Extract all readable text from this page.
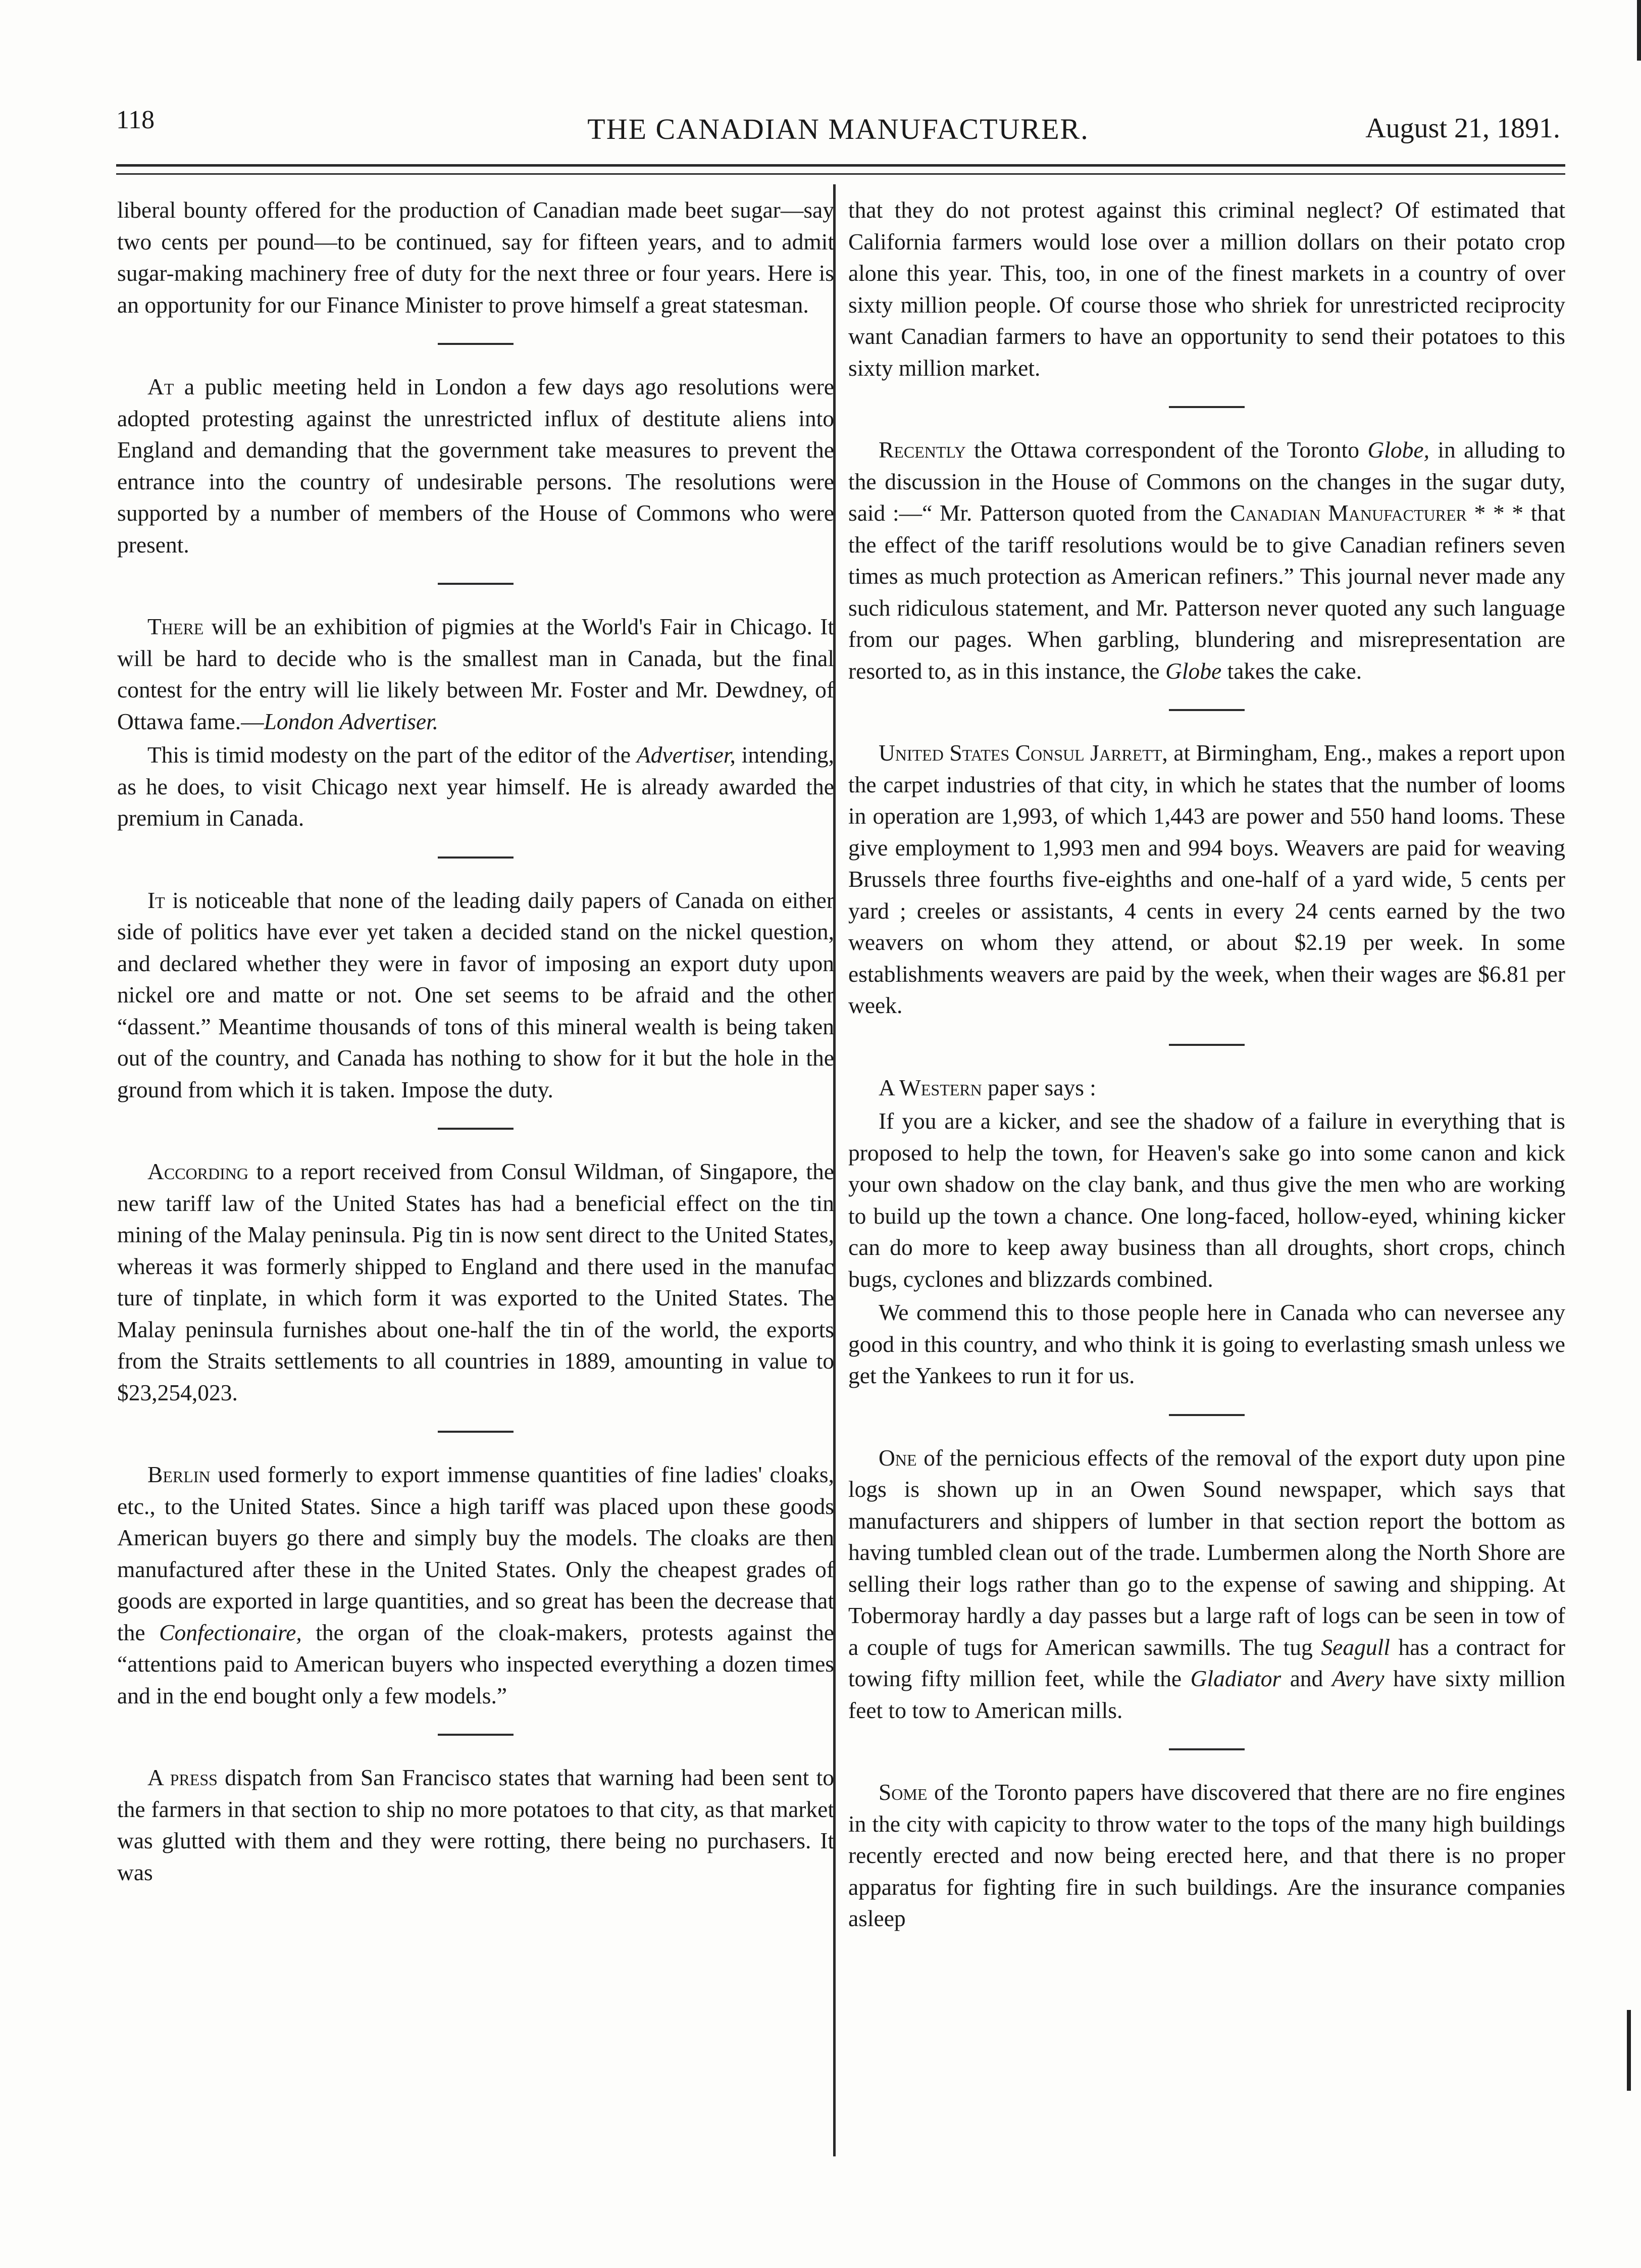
118	THE CANADIAN MANUFACTURER.	August 21, 1891.

liberal bounty offered for the production of Canadian made beet sugar—say two cents per pound—to be continued, say for fifteen years, and to admit sugar-making machinery free of duty for the next three or four years. Here is an opportunity for our Finance Minister to prove himself a great statesman.

At a public meeting held in London a few days ago resolutions were adopted protesting against the unrestricted influx of destitute aliens into England and demanding that the government take measures to prevent the entrance into the country of undesirable persons. The resolutions were supported by a number of members of the House of Commons who were present.

There will be an exhibition of pigmies at the World's Fair in Chicago. It will be hard to decide who is the smallest man in Canada, but the final contest for the entry will lie likely between Mr. Foster and Mr. Dewdney, of Ottawa fame.—London Advertiser.

This is timid modesty on the part of the editor of the Advertiser, intending, as he does, to visit Chicago next year himself. He is already awarded the premium in Canada.

It is noticeable that none of the leading daily papers of Canada on either side of politics have ever yet taken a decided stand on the nickel question, and declared whether they were in favor of imposing an export duty upon nickel ore and matte or not. One set seems to be afraid and the other “dassent.” Meantime thousands of tons of this mineral wealth is being taken out of the country, and Canada has nothing to show for it but the hole in the ground from which it is taken. Impose the duty.

According to a report received from Consul Wildman, of Singapore, the new tariff law of the United States has had a beneficial effect on the tin mining of the Malay peninsula. Pig tin is now sent direct to the United States, whereas it was formerly shipped to England and there used in the manufac ture of tinplate, in which form it was exported to the United States. The Malay peninsula furnishes about one-half the tin of the world, the exports from the Straits settlements to all countries in 1889, amounting in value to $23,254,023.

Berlin used formerly to export immense quantities of fine ladies' cloaks, etc., to the United States. Since a high tariff was placed upon these goods American buyers go there and simply buy the models. The cloaks are then manufactured after these in the United States. Only the cheapest grades of goods are exported in large quantities, and so great has been the decrease that the Confectionaire, the organ of the cloak-makers, protests against the “attentions paid to American buyers who inspected everything a dozen times and in the end bought only a few models.”

A press dispatch from San Francisco states that warning had been sent to the farmers in that section to ship no more potatoes to that city, as that market was glutted with them and they were rotting, there being no purchasers. It was

that they do not protest against this criminal neglect? Of estimated that California farmers would lose over a million dollars on their potato crop alone this year. This, too, in one of the finest markets in a country of over sixty million people. Of course those who shriek for unrestricted reciprocity want Canadian farmers to have an opportunity to send their potatoes to this sixty million market.

Recently the Ottawa correspondent of the Toronto Globe, in alluding to the discussion in the House of Commons on the changes in the sugar duty, said :—“ Mr. Patterson quoted from the Canadian Manufacturer * * * that the effect of the tariff resolutions would be to give Canadian refiners seven times as much protection as American refiners.” This journal never made any such ridiculous statement, and Mr. Patterson never quoted any such language from our pages. When garbling, blundering and misrepresentation are resorted to, as in this instance, the Globe takes the cake.

United States Consul Jarrett, at Birmingham, Eng., makes a report upon the carpet industries of that city, in which he states that the number of looms in operation are 1,993, of which 1,443 are power and 550 hand looms. These give employment to 1,993 men and 994 boys. Weavers are paid for weaving Brussels three fourths five-eighths and one-half of a yard wide, 5 cents per yard ; creeles or assistants, 4 cents in every 24 cents earned by the two weavers on whom they attend, or about $2.19 per week. In some establishments weavers are paid by the week, when their wages are $6.81 per week.

A Western paper says :

If you are a kicker, and see the shadow of a failure in everything that is proposed to help the town, for Heaven's sake go into some canon and kick your own shadow on the clay bank, and thus give the men who are working to build up the town a chance. One long-faced, hollow-eyed, whining kicker can do more to keep away business than all droughts, short crops, chinch bugs, cyclones and blizzards combined.

We commend this to those people here in Canada who can neversee any good in this country, and who think it is going to everlasting smash unless we get the Yankees to run it for us.

One of the pernicious effects of the removal of the export duty upon pine logs is shown up in an Owen Sound newspaper, which says that manufacturers and shippers of lumber in that section report the bottom as having tumbled clean out of the trade. Lumbermen along the North Shore are selling their logs rather than go to the expense of sawing and shipping. At Tobermoray hardly a day passes but a large raft of logs can be seen in tow of a couple of tugs for American sawmills. The tug Seagull has a contract for towing fifty million feet, while the Gladiator and Avery have sixty million feet to tow to American mills.

Some of the Toronto papers have discovered that there are no fire engines in the city with capicity to throw water to the tops of the many high buildings recently erected and now being erected here, and that there is no proper apparatus for fighting fire in such buildings. Are the insurance companies asleep
